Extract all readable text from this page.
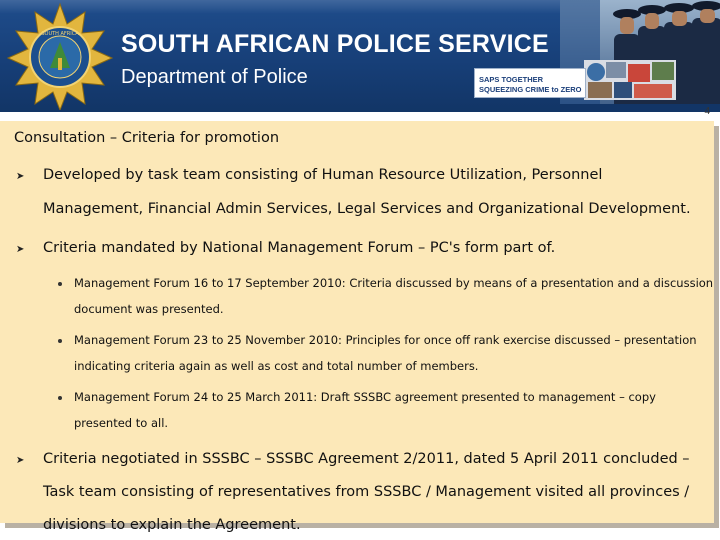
SOUTH AFRICA SOUTH AFRICAN POLICE SERVICE
Department of Police	SAPS TOGETHER
SQUEEZING CRIME to ZERO
4
Consultation – Criteria for promotion
➤ Developed by task team consisting of Human Resource Utilization, Personnel
Management, Financial Admin Services, Legal Services and Organizational Development.
➤ Criteria mandated by National Management Forum – PC's form part of.
Management Forum 16 to 17 September 2010: Criteria discussed by means of a presentation and a discussion
document was presented.
Management Forum 23 to 25 November 2010: Principles for once off rank exercise discussed – presentation
indicating criteria again as well as cost and total number of members.
Management Forum 24 to 25 March 2011: Draft SSSBC agreement presented to management – copy
presented to all.
➤ Criteria negotiated in SSSBC – SSSBC Agreement 2/2011, dated 5 April 2011 concluded –
Task team consisting of representatives from SSSBC / Management visited all provinces /
divisions to explain the Agreement.
